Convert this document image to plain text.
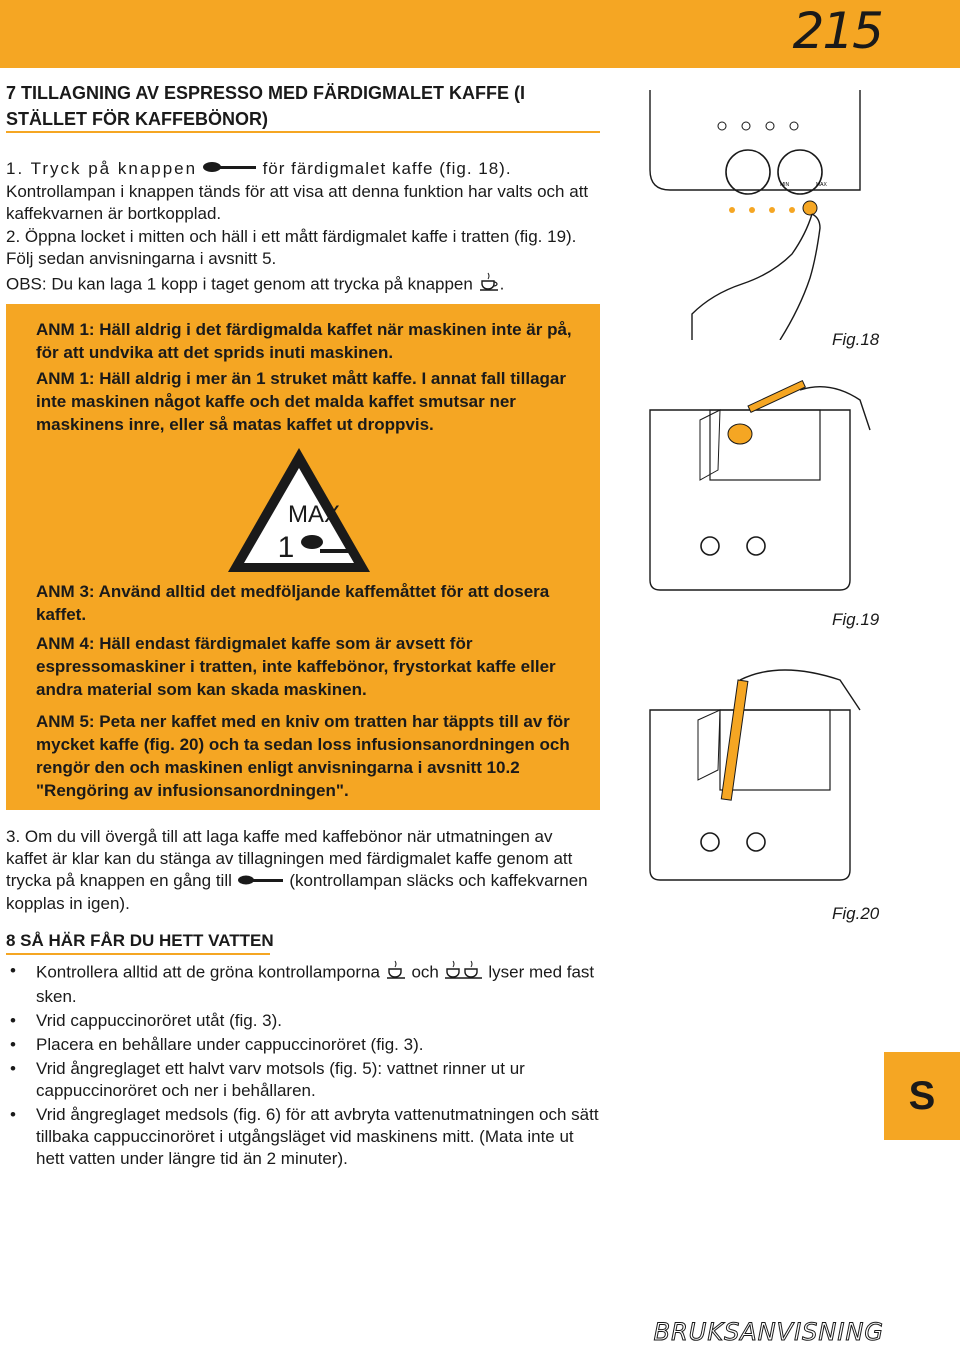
215
7 TILLAGNING AV ESPRESSO MED FÄRDIGMALET KAFFE (I STÄLLET FÖR KAFFEBÖNOR)
1. Tryck på knappen	för färdigmalet kaffe (fig. 18).
Kontrollampan i knappen tänds för att visa att denna funktion har valts och att kaffekvarnen är bortkopplad.
2. Öppna locket i mitten och häll i ett mått färdigmalet kaffe i tratten (fig. 19). Följ sedan anvisningarna i avsnitt 5.
OBS: Du kan laga 1 kopp i taget genom att trycka på knappen .
ANM 1: Häll aldrig i det färdigmalda kaffet när maskinen inte är på, för att undvika att det sprids inuti maskinen.
ANM 1: Häll aldrig i mer än 1 struket mått kaffe. I annat fall tillagar inte maskinen något kaffe och det malda kaffet smutsar ner maskinens inre, eller så matas kaffet ut droppvis.
MAX
1
ANM 3: Använd alltid det medföljande kaffemåttet för att dosera kaffet.
ANM 4: Häll endast färdigmalet kaffe som är avsett för espressomaskiner i tratten, inte kaffebönor, frystorkat kaffe eller andra material som kan skada maskinen.
ANM 5: Peta ner kaffet med en kniv om tratten har täppts till av för mycket kaffe (fig. 20) och ta sedan loss infusionsanordningen och rengör den och maskinen enligt anvisningarna i avsnitt 10.2 "Rengöring av infusionsanordningen".
3. Om du vill övergå till att laga kaffe med kaffebönor när utmatningen av kaffet är klar kan du stänga av tillagningen med färdigmalet kaffe genom att trycka på knappen en gång till	(kontrollampan släcks och kaffekvarnen kopplas in igen).
8 SÅ HÄR FÅR DU HETT VATTEN
• Kontrollera alltid att de gröna kontrollamporna och	lyser med fast sken.
• Vrid cappuccinoröret utåt (fig. 3).
• Placera en behållare under cappuccinoröret (fig. 3).
• Vrid ångreglaget ett halvt varv motsols (fig. 5): vattnet rinner ut ur cappuccinoröret och ner i behållaren.
• Vrid ångreglaget medsols (fig. 6) för att avbryta vattenutmatningen och sätt tillbaka cappuccinoröret i utgångsläget vid maskinens mitt. (Mata inte ut hett vatten under längre tid än 2 minuter).
MIN	MAX
Fig.18
Fig.19
Fig.20
S
BRUKSANVISNING
